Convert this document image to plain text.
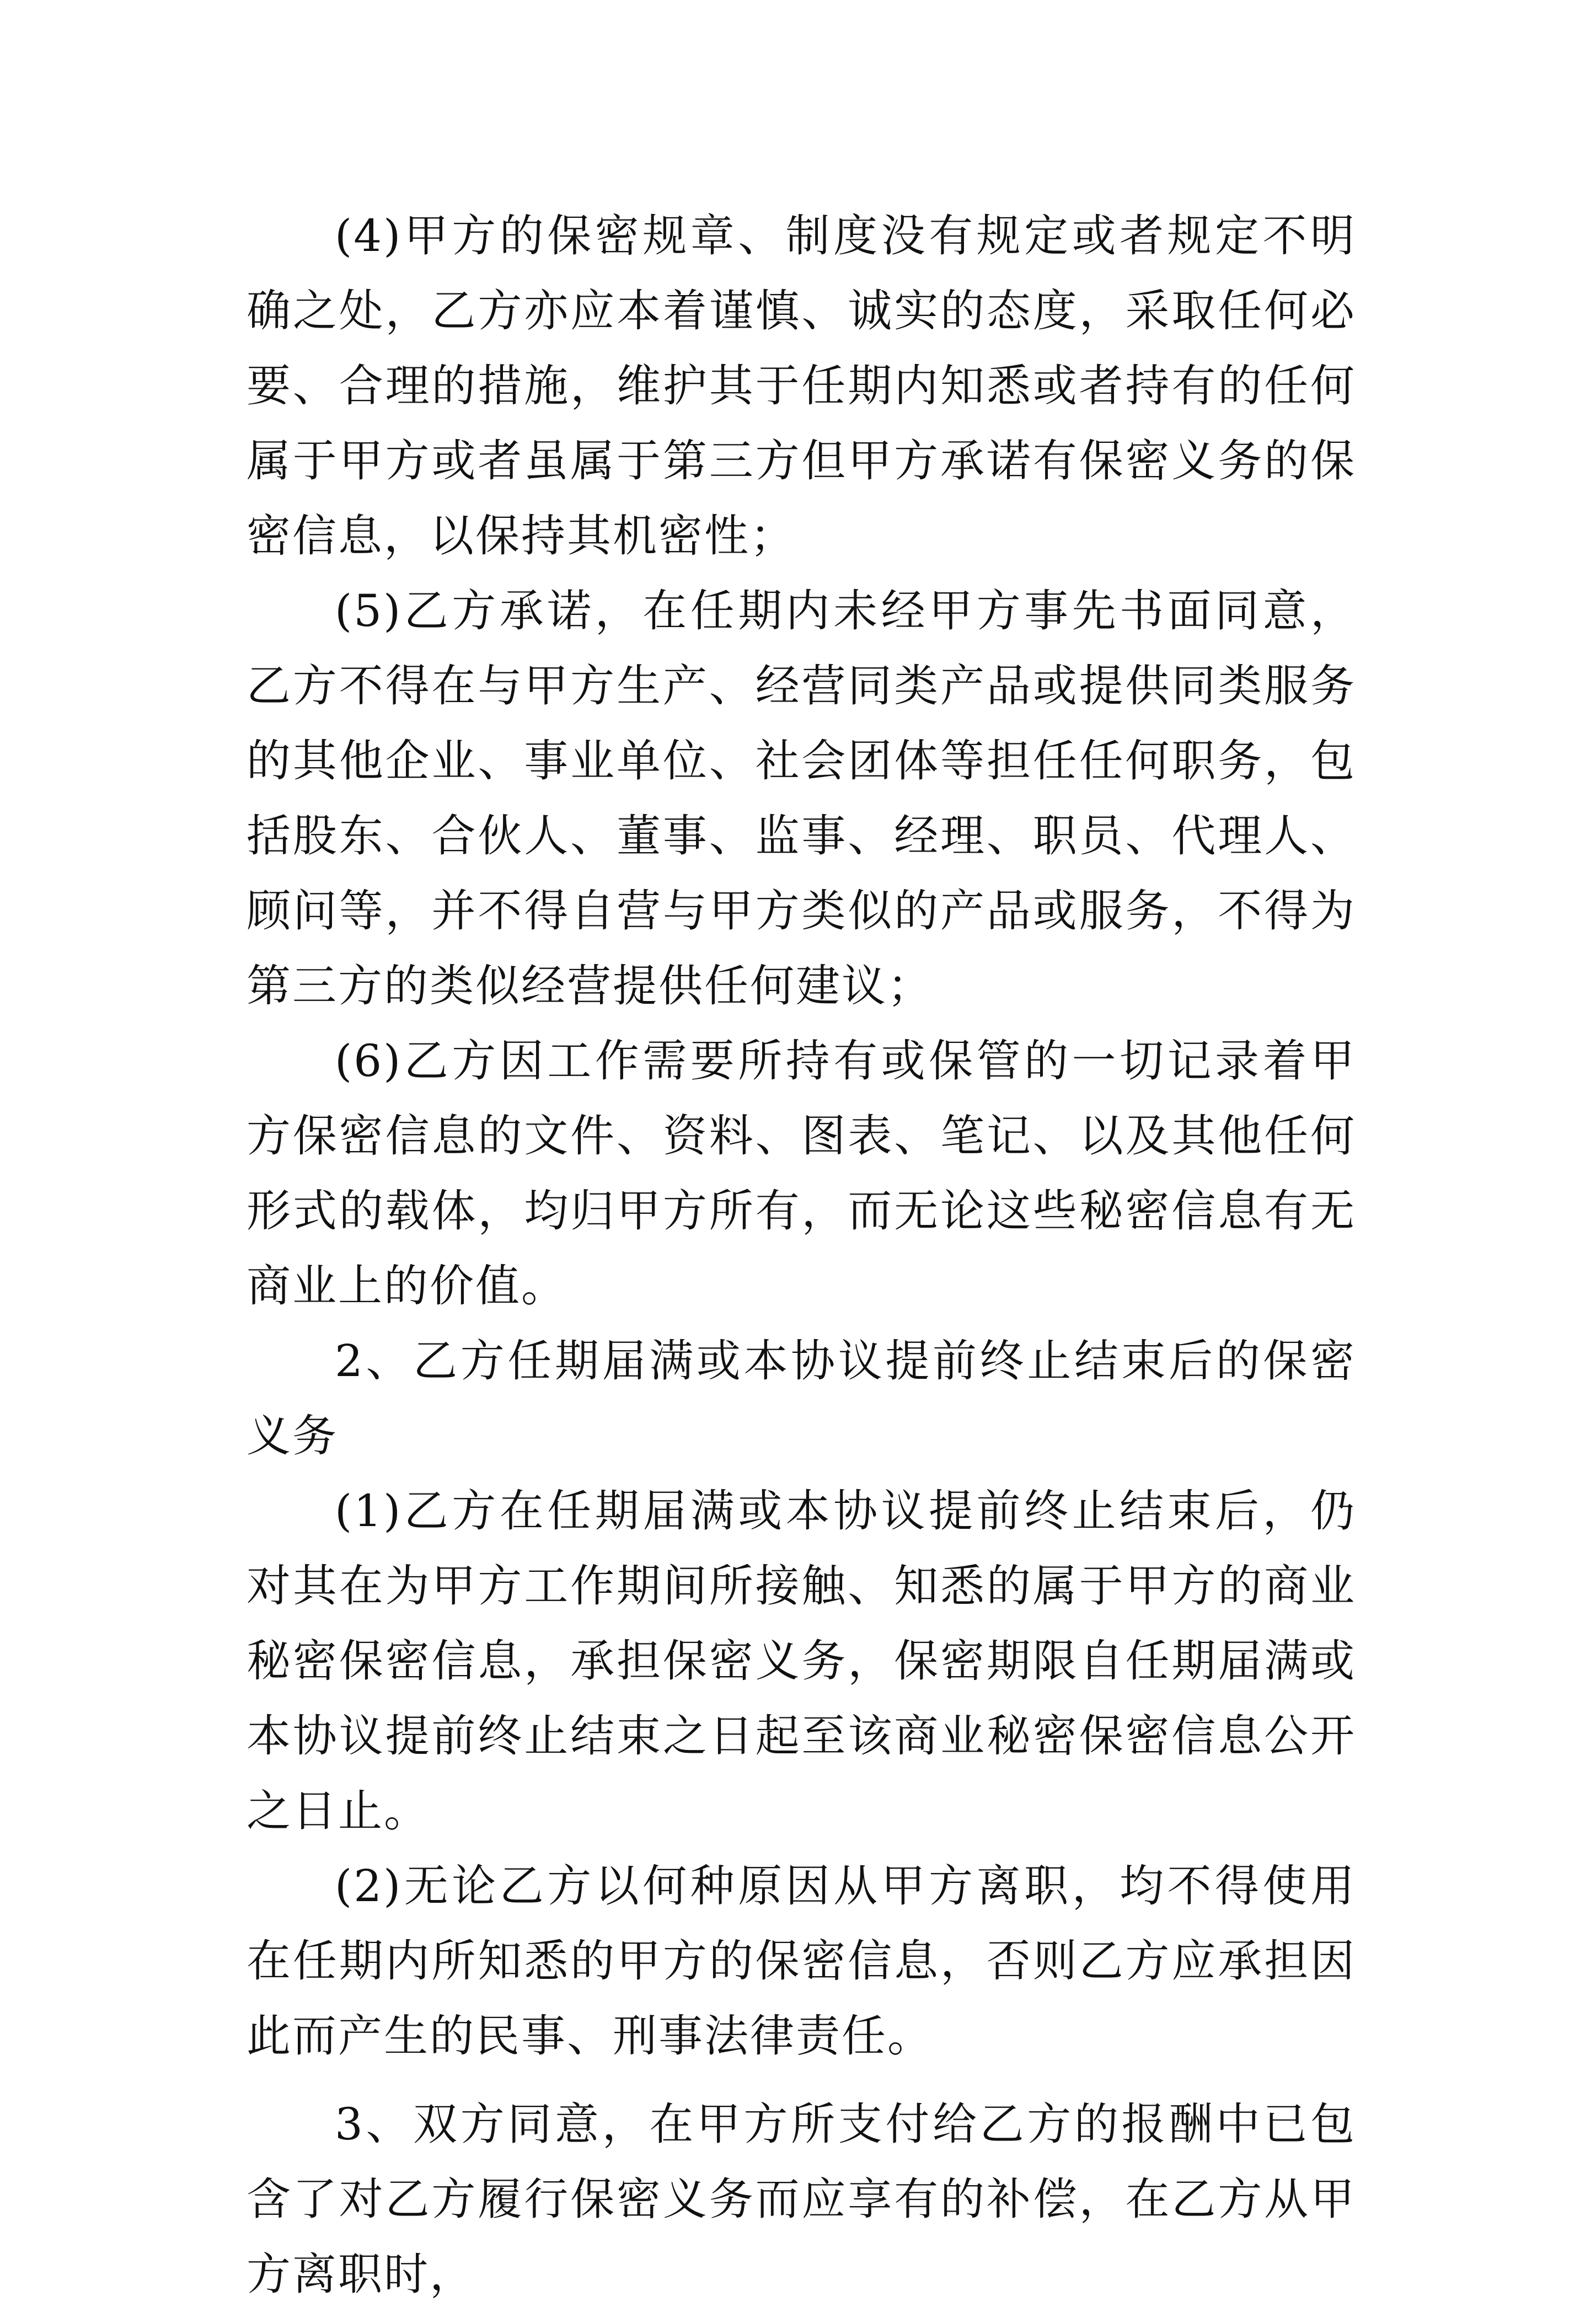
(4)甲方的保密规章、制度没有规定或者规定不明确之处，乙方亦应本着谨慎、诚实的态度，采取任何必要、合理的措施，维护其于任期内知悉或者持有的任何属于甲方或者虽属于第三方但甲方承诺有保密义务的保密信息，以保持其机密性；

(5)乙方承诺，在任期内未经甲方事先书面同意，乙方不得在与甲方生产、经营同类产品或提供同类服务的其他企业、事业单位、社会团体等担任任何职务，包括股东、合伙人、董事、监事、经理、职员、代理人、顾问等，并不得自营与甲方类似的产品或服务，不得为第三方的类似经营提供任何建议；

(6)乙方因工作需要所持有或保管的一切记录着甲方保密信息的文件、资料、图表、笔记、以及其他任何形式的载体，均归甲方所有，而无论这些秘密信息有无商业上的价值。

2、乙方任期届满或本协议提前终止结束后的保密义务

(1)乙方在任期届满或本协议提前终止结束后，仍对其在为甲方工作期间所接触、知悉的属于甲方的商业秘密保密信息，承担保密义务，保密期限自任期届满或本协议提前终止结束之日起至该商业秘密保密信息公开之日止。

(2)无论乙方以何种原因从甲方离职，均不得使用在任期内所知悉的甲方的保密信息，否则乙方应承担因此而产生的民事、刑事法律责任。

3、双方同意，在甲方所支付给乙方的报酬中已包含了对乙方履行保密义务而应享有的补偿，在乙方从甲方离职时，
